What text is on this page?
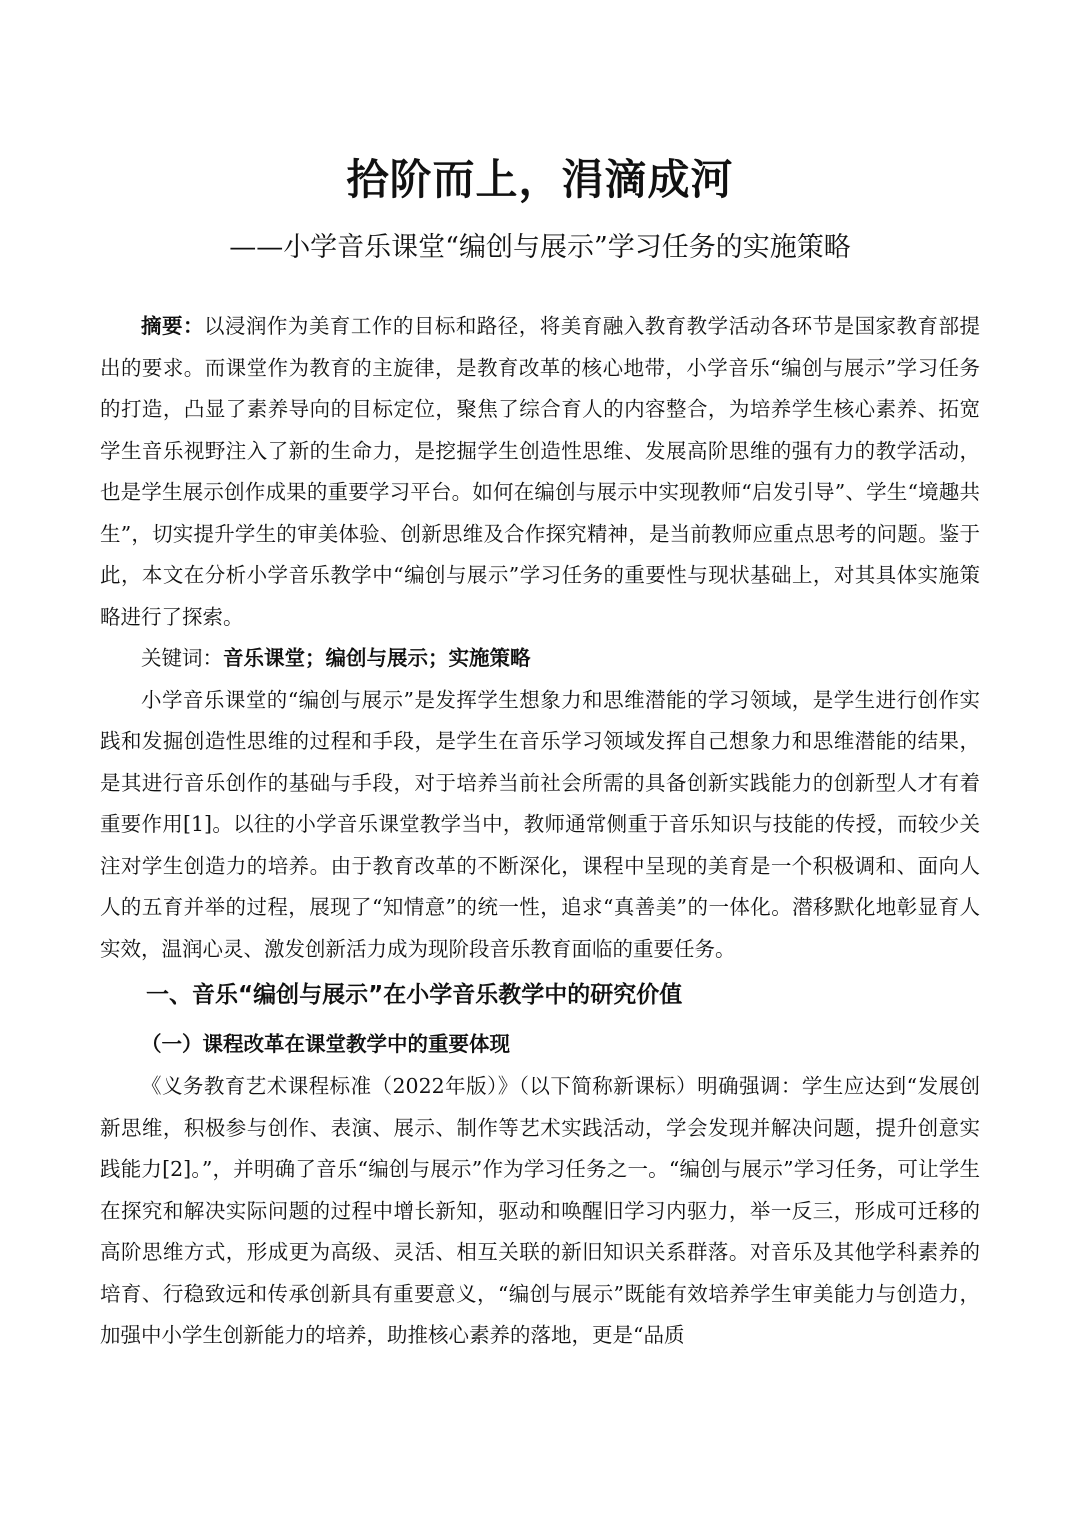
拾阶而上，涓滴成河
——小学音乐课堂“编创与展示”学习任务的实施策略

摘要：以浸润作为美育工作的目标和路径，将美育融入教育教学活动各环节是国家教育部提出的要求。而课堂作为教育的主旋律，是教育改革的核心地带，小学音乐“编创与展示”学习任务的打造，凸显了素养导向的目标定位，聚焦了综合育人的内容整合，为培养学生核心素养、拓宽学生音乐视野注入了新的生命力，是挖掘学生创造性思维、发展高阶思维的强有力的教学活动，也是学生展示创作成果的重要学习平台。如何在编创与展示中实现教师“启发引导”、学生“境趣共生”，切实提升学生的审美体验、创新思维及合作探究精神，是当前教师应重点思考的问题。鉴于此，本文在分析小学音乐教学中“编创与展示”学习任务的重要性与现状基础上，对其具体实施策略进行了探索。

关键词：音乐课堂；编创与展示；实施策略

小学音乐课堂的“编创与展示”是发挥学生想象力和思维潜能的学习领域，是学生进行创作实践和发掘创造性思维的过程和手段，是学生在音乐学习领域发挥自己想象力和思维潜能的结果，是其进行音乐创作的基础与手段，对于培养当前社会所需的具备创新实践能力的创新型人才有着重要作用[1]。以往的小学音乐课堂教学当中，教师通常侧重于音乐知识与技能的传授，而较少关注对学生创造力的培养。由于教育改革的不断深化，课程中呈现的美育是一个积极调和、面向人人的五育并举的过程，展现了“知情意”的统一性，追求“真善美”的一体化。潜移默化地彰显育人实效，温润心灵、激发创新活力成为现阶段音乐教育面临的重要任务。

一、音乐“编创与展示”在小学音乐教学中的研究价值
（一）课程改革在课堂教学中的重要体现

《义务教育艺术课程标准（2022年版）》（以下简称新课标）明确强调：学生应达到“发展创新思维，积极参与创作、表演、展示、制作等艺术实践活动，学会发现并解决问题，提升创意实践能力[2]。”，并明确了音乐“编创与展示”作为学习任务之一。“编创与展示”学习任务，可让学生在探究和解决实际问题的过程中增长新知，驱动和唤醒旧学习内驱力，举一反三，形成可迁移的高阶思维方式，形成更为高级、灵活、相互关联的新旧知识关系群落。对音乐及其他学科素养的培育、行稳致远和传承创新具有重要意义，“编创与展示”既能有效培养学生审美能力与创造力，加强中小学生创新能力的培养，助推核心素养的落地，更是“品质
